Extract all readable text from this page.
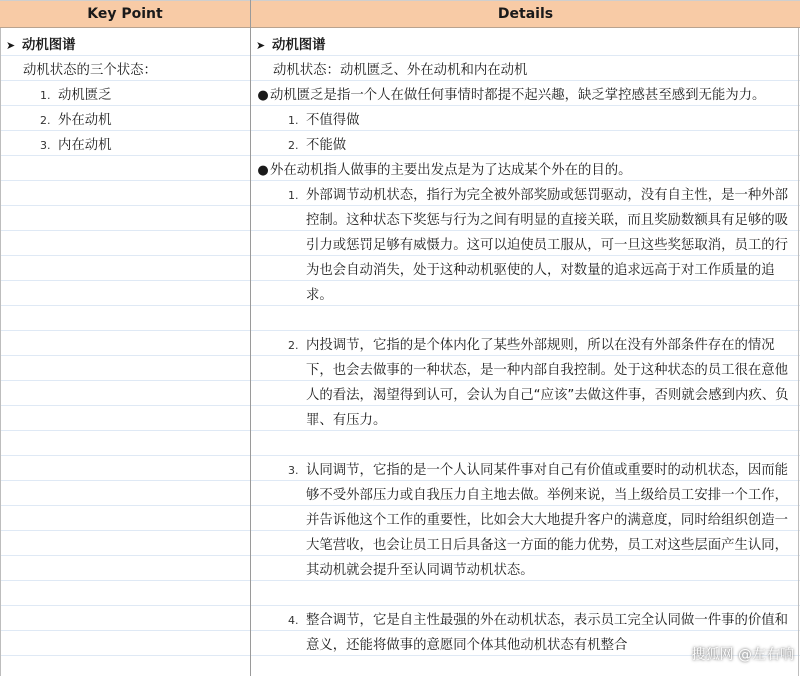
Key Point	Details
➤ 动机图谱
动机状态的三个状态：
1. 动机匮乏
2. 外在动机
3. 内在动机
➤ 动机图谱
动机状态：动机匮乏、外在动机和内在动机
● 动机匮乏是指一个人在做任何事情时都提不起兴趣，缺乏掌控感甚至感到无能为力。
1. 不值得做
2. 不能做
● 外在动机指人做事的主要出发点是为了达成某个外在的目的。
1. 外部调节动机状态，指行为完全被外部奖励或惩罚驱动，没有自主性，是一种外部控制。这种状态下奖惩与行为之间有明显的直接关联，而且奖励数额具有足够的吸引力或惩罚足够有威慑力。这可以迫使员工服从，可一旦这些奖惩取消，员工的行为也会自动消失，处于这种动机驱使的人，对数量的追求远高于对工作质量的追求。
2. 内投调节，它指的是个体内化了某些外部规则，所以在没有外部条件存在的情况下，也会去做事的一种状态，是一种内部自我控制。处于这种状态的员工很在意他人的看法，渴望得到认可，会认为自己“应该”去做这件事，否则就会感到内疚、负罪、有压力。
3. 认同调节，它指的是一个人认同某件事对自己有价值或重要时的动机状态，因而能够不受外部压力或自我压力自主地去做。举例来说，当上级给员工安排一个工作，并告诉他这个工作的重要性，比如会大大地提升客户的满意度，同时给组织创造一大笔营收，也会让员工日后具备这一方面的能力优势，员工对这些层面产生认同，其动机就会提升至认同调节动机状态。
4. 整合调节，它是自主性最强的外在动机状态，表示员工完全认同做一件事的价值和意义，还能将做事的意愿同个体其他动机状态有机整合
搜狐网 @左右响
